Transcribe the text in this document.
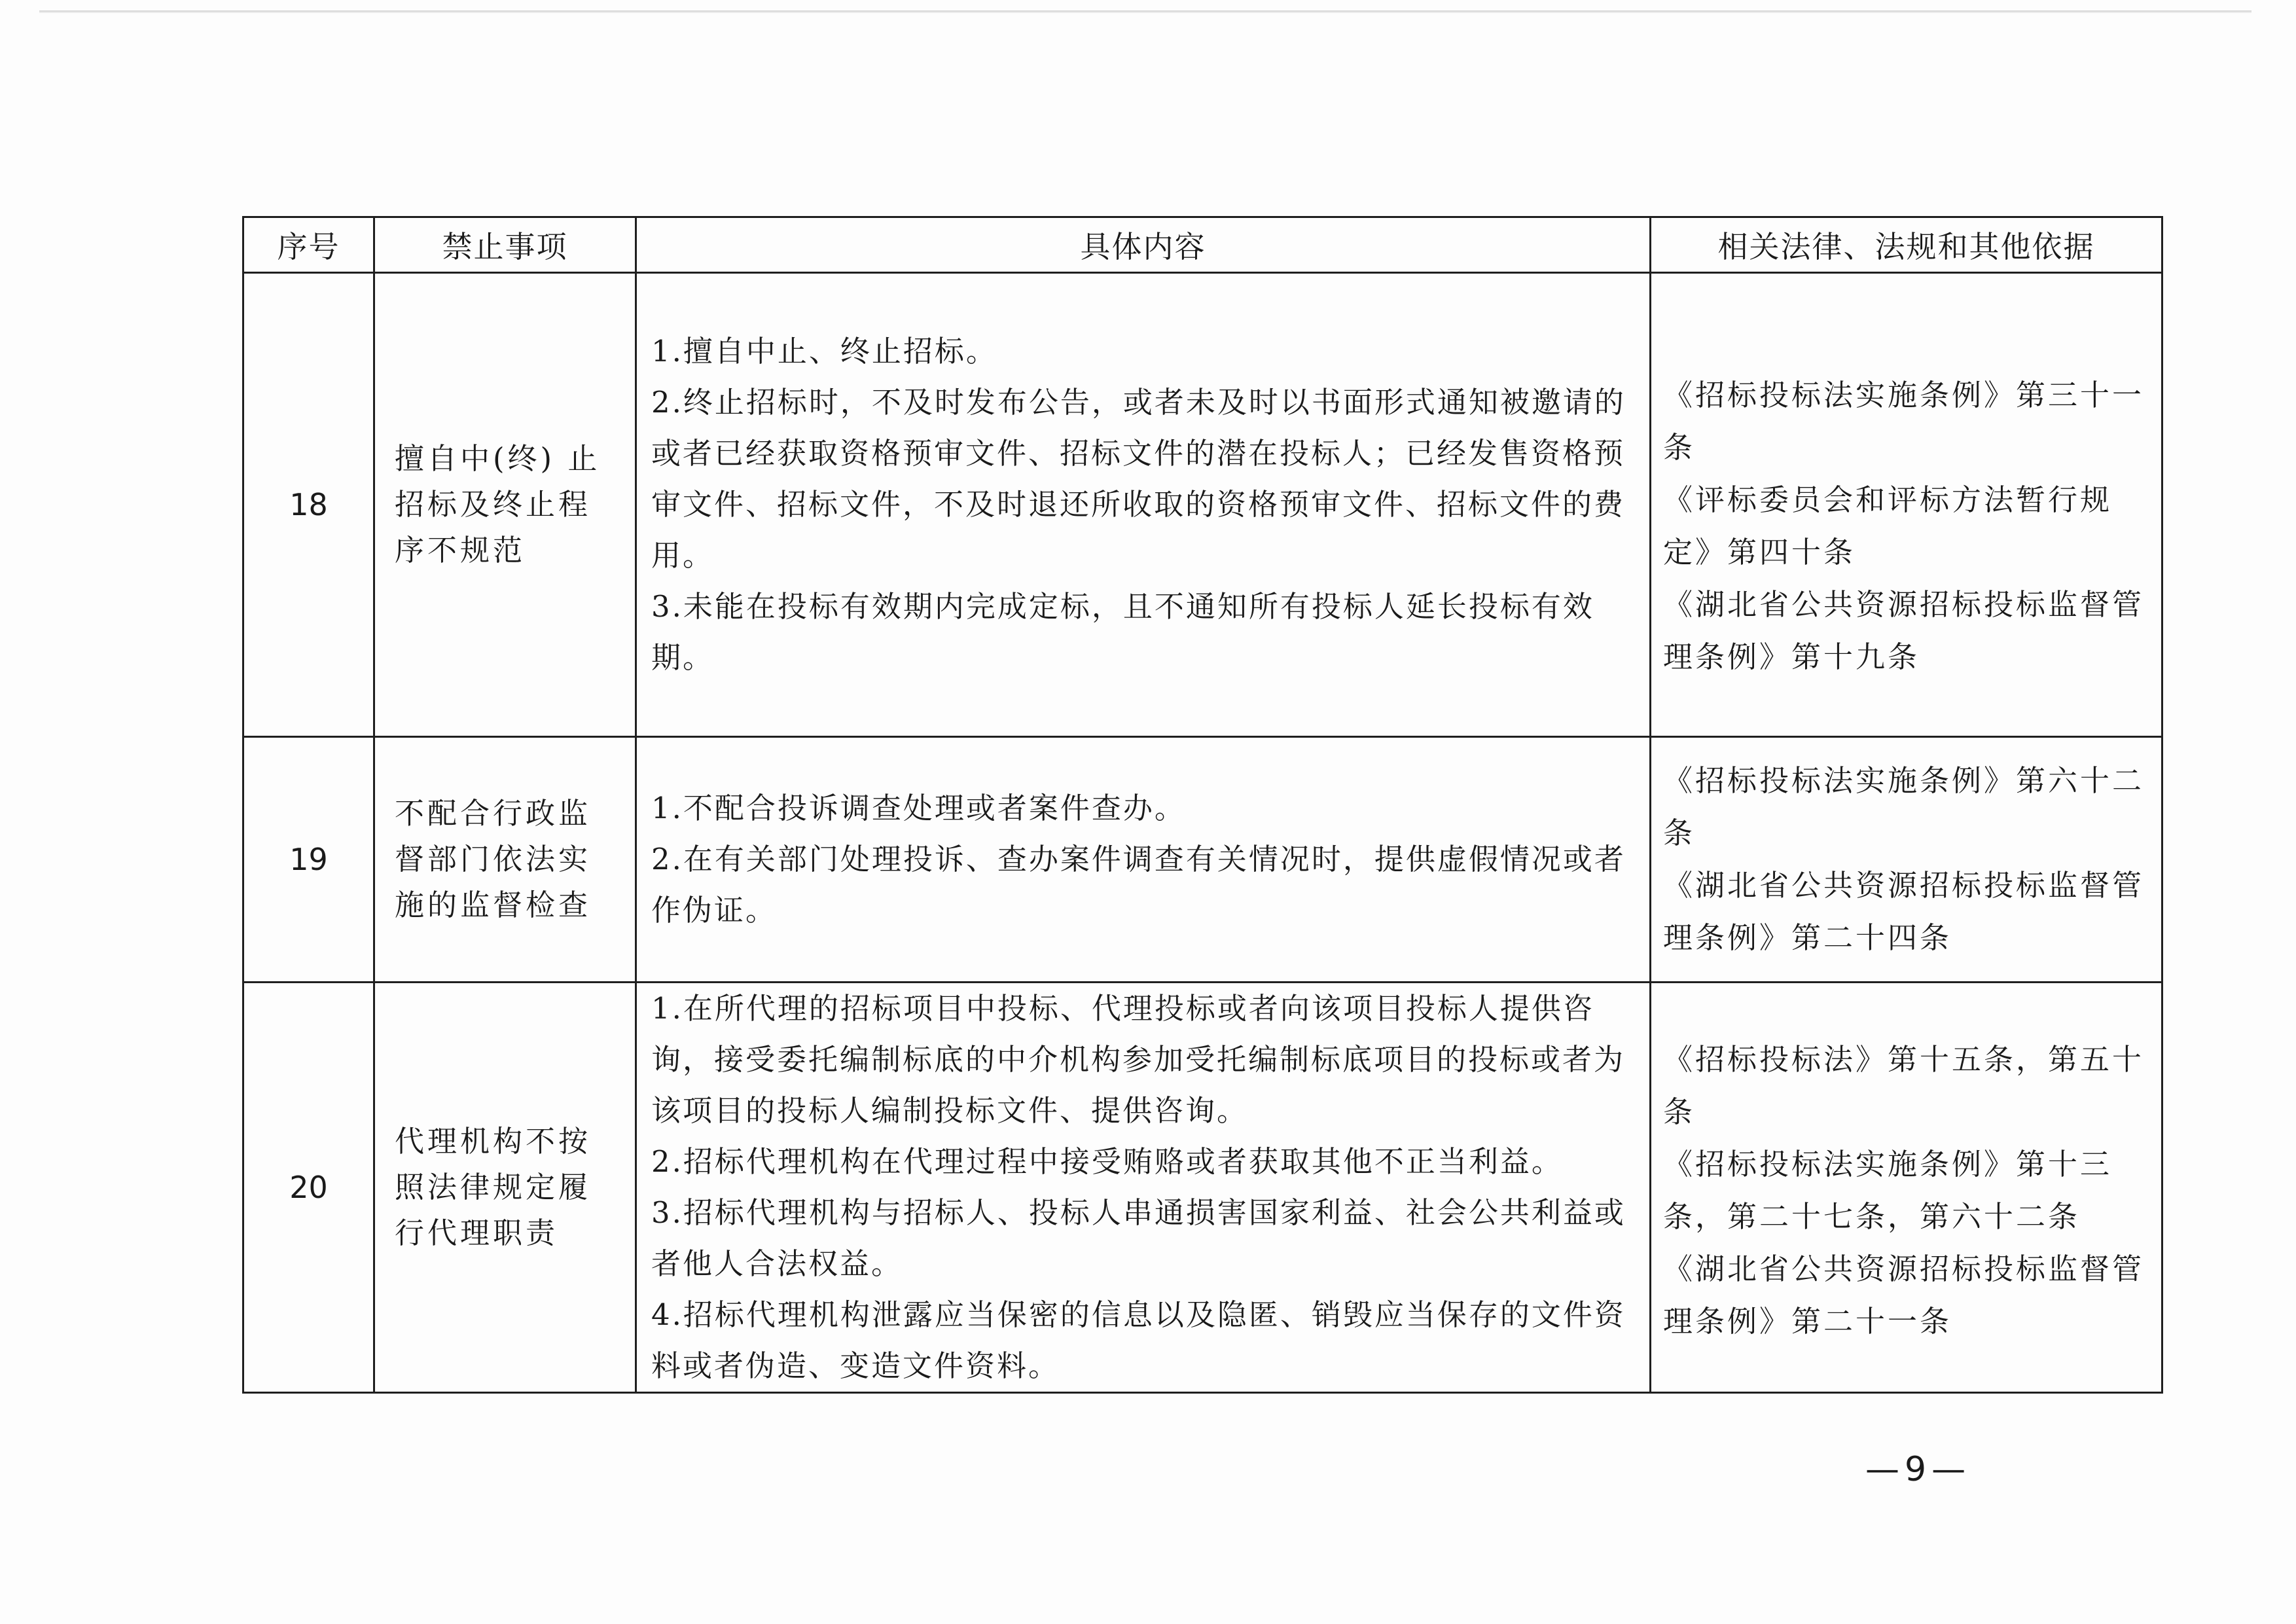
序号	禁止事项	具体内容	相关法律、法规和其他依据
18	擅自中(终) 止招标及终止程序不规范	1.擅自中止、终止招标。
2.终止招标时，不及时发布公告，或者未及时以书面形式通知被邀请的或者已经获取资格预审文件、招标文件的潜在投标人；已经发售资格预审文件、招标文件，不及时退还所收取的资格预审文件、招标文件的费用。
3.未能在投标有效期内完成定标，且不通知所有投标人延长投标有效期。	《招标投标法实施条例》第三十一条
《评标委员会和评标方法暂行规定》第四十条
《湖北省公共资源招标投标监督管理条例》第十九条

19	不配合行政监督部门依法实施的监督检查	1.不配合投诉调查处理或者案件查办。
2.在有关部门处理投诉、查办案件调查有关情况时，提供虚假情况或者作伪证。	《招标投标法实施条例》第六十二条
《湖北省公共资源招标投标监督管理条例》第二十四条

20	代理机构不按照法律规定履行代理职责	1.在所代理的招标项目中投标、代理投标或者向该项目投标人提供咨询，接受委托编制标底的中介机构参加受托编制标底项目的投标或者为该项目的投标人编制投标文件、提供咨询。
2.招标代理机构在代理过程中接受贿赂或者获取其他不正当利益。
3.招标代理机构与招标人、投标人串通损害国家利益、社会公共利益或者他人合法权益。
4.招标代理机构泄露应当保密的信息以及隐匿、销毁应当保存的文件资料或者伪造、变造文件资料。	《招标投标法》第十五条，第五十条
《招标投标法实施条例》第十三条，第二十七条，第六十二条
《湖北省公共资源招标投标监督管理条例》第二十一条
—9—
